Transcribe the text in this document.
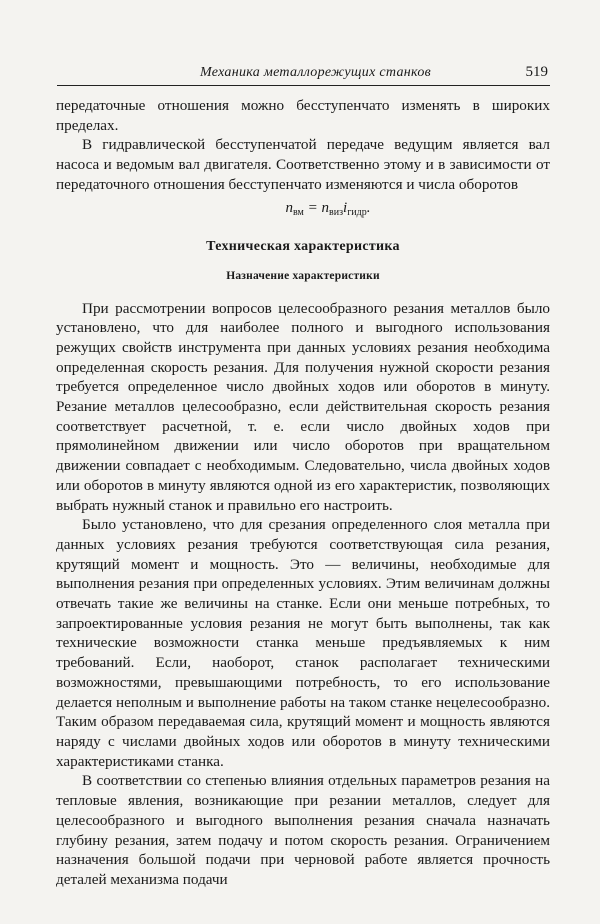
Механика металлорежущих станков	519

передаточные отношения можно бесступенчато изменять в широких пределах.

В гидравлической бесступенчатой передаче ведущим является вал насоса и ведомым вал двигателя. Соответственно этому и в зависимости от передаточного отношения бесступенчато изменяются и числа оборотов

$n_{вм} = n_{виз}i_{гидр}$.
Техническая характеристика
Назначение характеристики

При рассмотрении вопросов целесообразного резания металлов было установлено, что для наиболее полного и выгодного использования режущих свойств инструмента при данных условиях резания необходима определенная скорость резания. Для получения нужной скорости резания требуется определенное число двойных ходов или оборотов в минуту. Резание металлов целесообразно, если действительная скорость резания соответствует расчетной, т. е. если число двойных ходов при прямолинейном движении или число оборотов при вращательном движении совпадает с необходимым. Следовательно, числа двойных ходов или оборотов в минуту являются одной из его характеристик, позволяющих выбрать нужный станок и правильно его настроить.

Было установлено, что для срезания определенного слоя металла при данных условиях резания требуются соответствующая сила резания, крутящий момент и мощность. Это — величины, необходимые для выполнения резания при определенных условиях. Этим величинам должны отвечать такие же величины на станке. Если они меньше потребных, то запроектированные условия резания не могут быть выполнены, так как технические возможности станка меньше предъявляемых к ним требований. Если, наоборот, станок располагает техническими возможностями, превышающими потребность, то его использование делается неполным и выполнение работы на таком станке нецелесообразно. Таким образом передаваемая сила, крутящий момент и мощность являются наряду с числами двойных ходов или оборотов в минуту техническими характеристиками станка.

В соответствии со степенью влияния отдельных параметров резания на тепловые явления, возникающие при резании металлов, следует для целесообразного и выгодного выполнения резания сначала назначать глубину резания, затем подачу и потом скорость резания. Ограничением назначения большой подачи при черновой работе является прочность деталей механизма подачи
